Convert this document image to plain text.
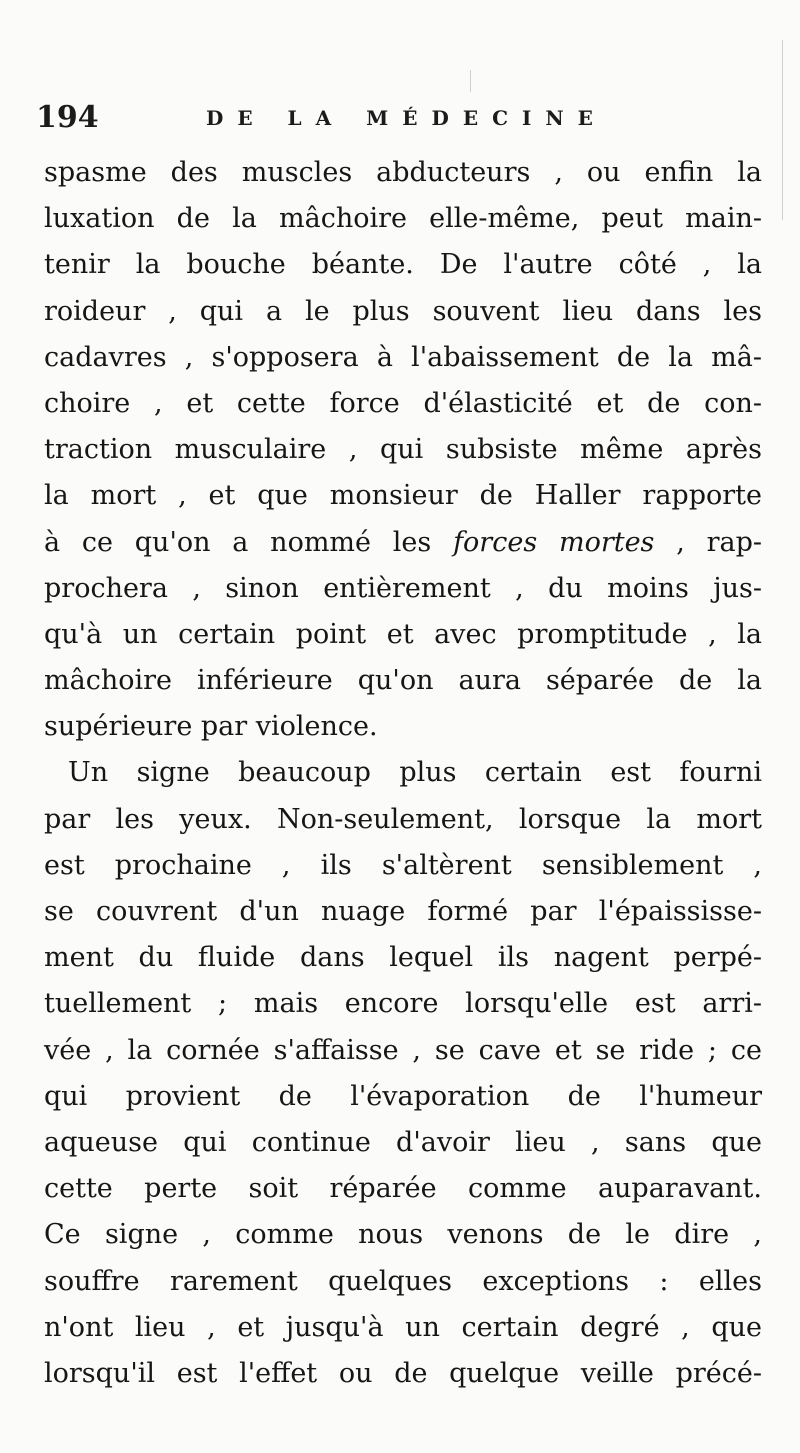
194	DE LA MÉDECINE
spasme des muscles abducteurs , ou enfin la
luxation de la mâchoire elle-même, peut main-
tenir la bouche béante. De l'autre côté , la
roideur , qui a le plus souvent lieu dans les
cadavres , s'opposera à l'abaissement de la mâ-
choire , et cette force d'élasticité et de con-
traction musculaire , qui subsiste même après
la mort , et que monsieur de Haller rapporte
à ce qu'on a nommé les forces mortes , rap-
prochera , sinon entièrement , du moins jus-
qu'à un certain point et avec promptitude , la
mâchoire inférieure qu'on aura séparée de la
supérieure par violence.
Un signe beaucoup plus certain est fourni
par les yeux. Non-seulement, lorsque la mort
est prochaine , ils s'altèrent sensiblement ,
se couvrent d'un nuage formé par l'épaississe-
ment du fluide dans lequel ils nagent perpé-
tuellement ; mais encore lorsqu'elle est arri-
vée , la cornée s'affaisse , se cave et se ride ; ce
qui provient de l'évaporation de l'humeur
aqueuse qui continue d'avoir lieu , sans que
cette perte soit réparée comme auparavant.
Ce signe , comme nous venons de le dire ,
souffre rarement quelques exceptions : elles
n'ont lieu , et jusqu'à un certain degré , que
lorsqu'il est l'effet ou de quelque veille précé-
